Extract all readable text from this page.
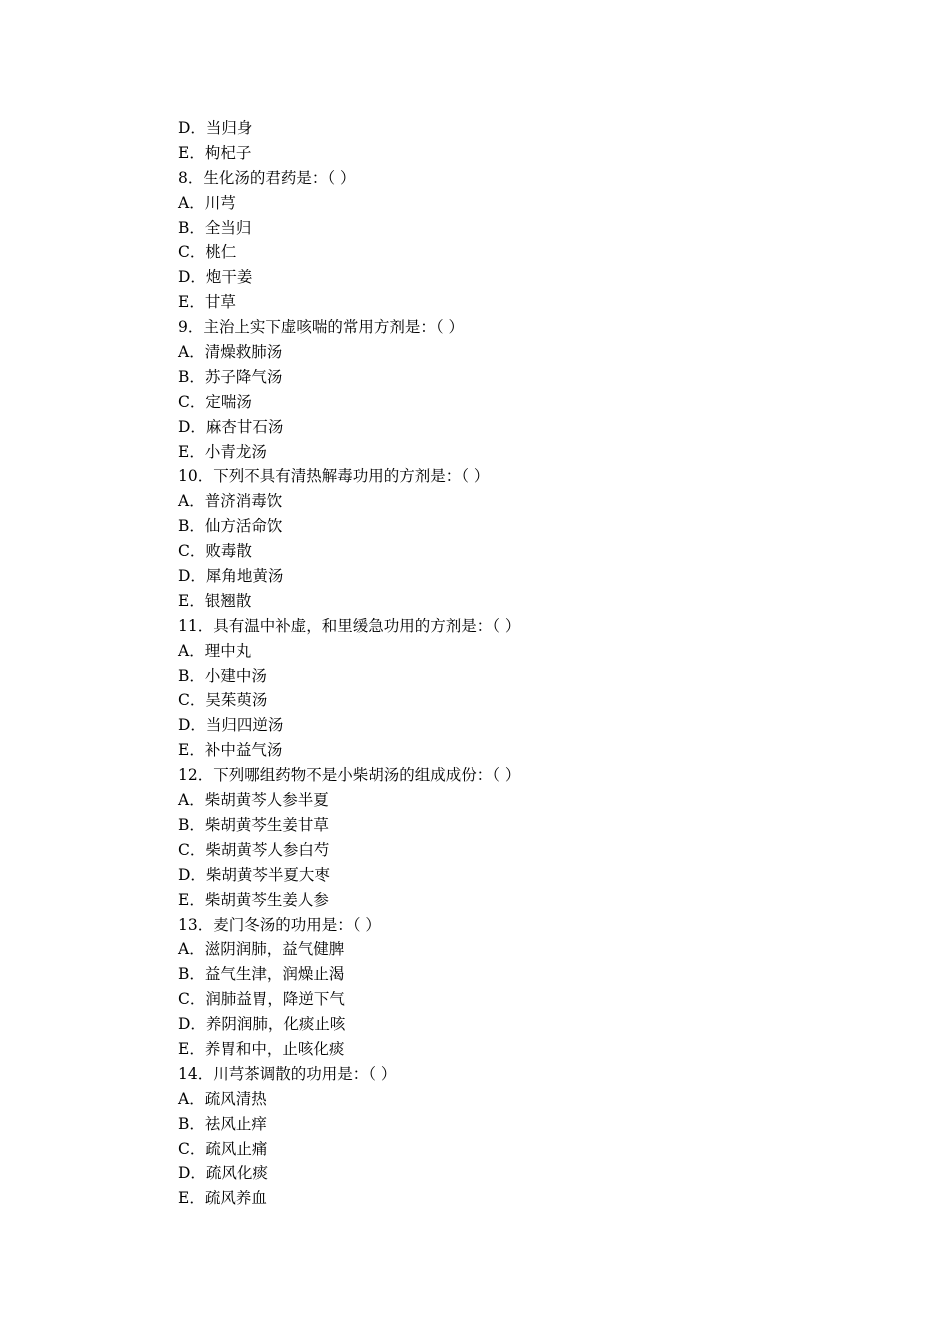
D．当归身
E．枸杞子
8．生化汤的君药是：（ ）
A．川芎
B．全当归
C．桃仁
D．炮干姜
E．甘草
9．主治上实下虚咳喘的常用方剂是：（ ）
A．清燥救肺汤
B．苏子降气汤
C．定喘汤
D．麻杏甘石汤
E．小青龙汤
10．下列不具有清热解毒功用的方剂是：（ ）
A．普济消毒饮
B．仙方活命饮
C．败毒散
D．犀角地黄汤
E．银翘散
11．具有温中补虚，和里缓急功用的方剂是：（ ）
A．理中丸
B．小建中汤
C．吴茱萸汤
D．当归四逆汤
E．补中益气汤
12．下列哪组药物不是小柴胡汤的组成成份：（ ）
A．柴胡黄芩人参半夏
B．柴胡黄芩生姜甘草
C．柴胡黄芩人参白芍
D．柴胡黄芩半夏大枣
E．柴胡黄芩生姜人参
13．麦门冬汤的功用是：（ ）
A．滋阴润肺，益气健脾
B．益气生津，润燥止渴
C．润肺益胃，降逆下气
D．养阴润肺，化痰止咳
E．养胃和中，止咳化痰
14．川芎茶调散的功用是：（ ）
A．疏风清热
B．祛风止痒
C．疏风止痛
D．疏风化痰
E．疏风养血
